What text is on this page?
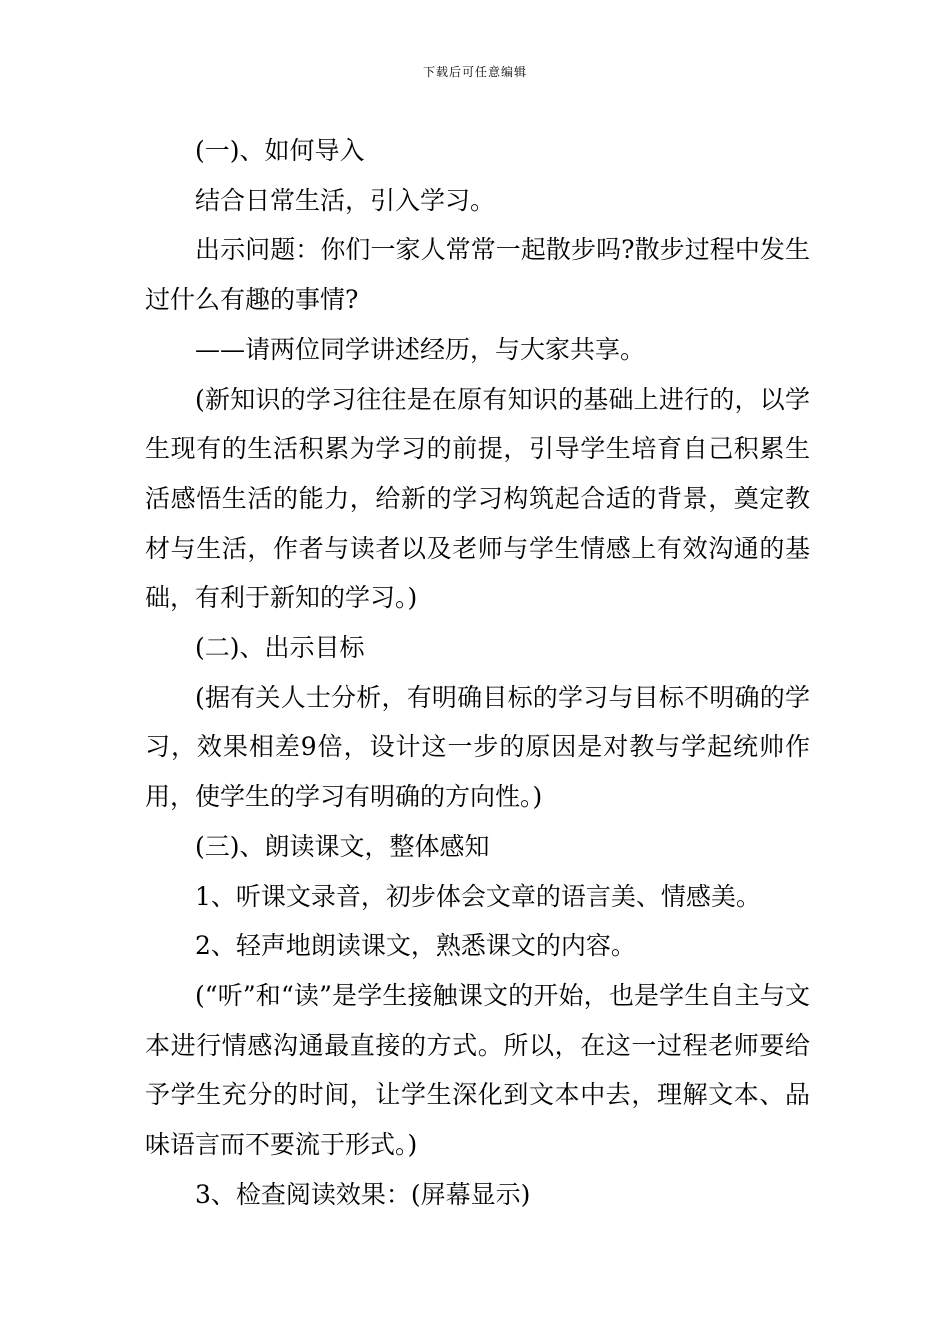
下载后可任意编辑

(一)、如何导入

结合日常生活，引入学习。

出示问题：你们一家人常常一起散步吗?散步过程中发生过什么有趣的事情?

——请两位同学讲述经历，与大家共享。

(新知识的学习往往是在原有知识的基础上进行的，以学生现有的生活积累为学习的前提，引导学生培育自己积累生活感悟生活的能力，给新的学习构筑起合适的背景，奠定教材与生活，作者与读者以及老师与学生情感上有效沟通的基础，有利于新知的学习。)

(二)、出示目标

(据有关人士分析，有明确目标的学习与目标不明确的学习，效果相差9倍，设计这一步的原因是对教与学起统帅作用，使学生的学习有明确的方向性。)

(三)、朗读课文，整体感知

1、听课文录音，初步体会文章的语言美、情感美。

2、轻声地朗读课文，熟悉课文的内容。

(“听”和“读”是学生接触课文的开始，也是学生自主与文本进行情感沟通最直接的方式。所以，在这一过程老师要给予学生充分的时间，让学生深化到文本中去，理解文本、品味语言而不要流于形式。)

3、检查阅读效果：(屏幕显示)
